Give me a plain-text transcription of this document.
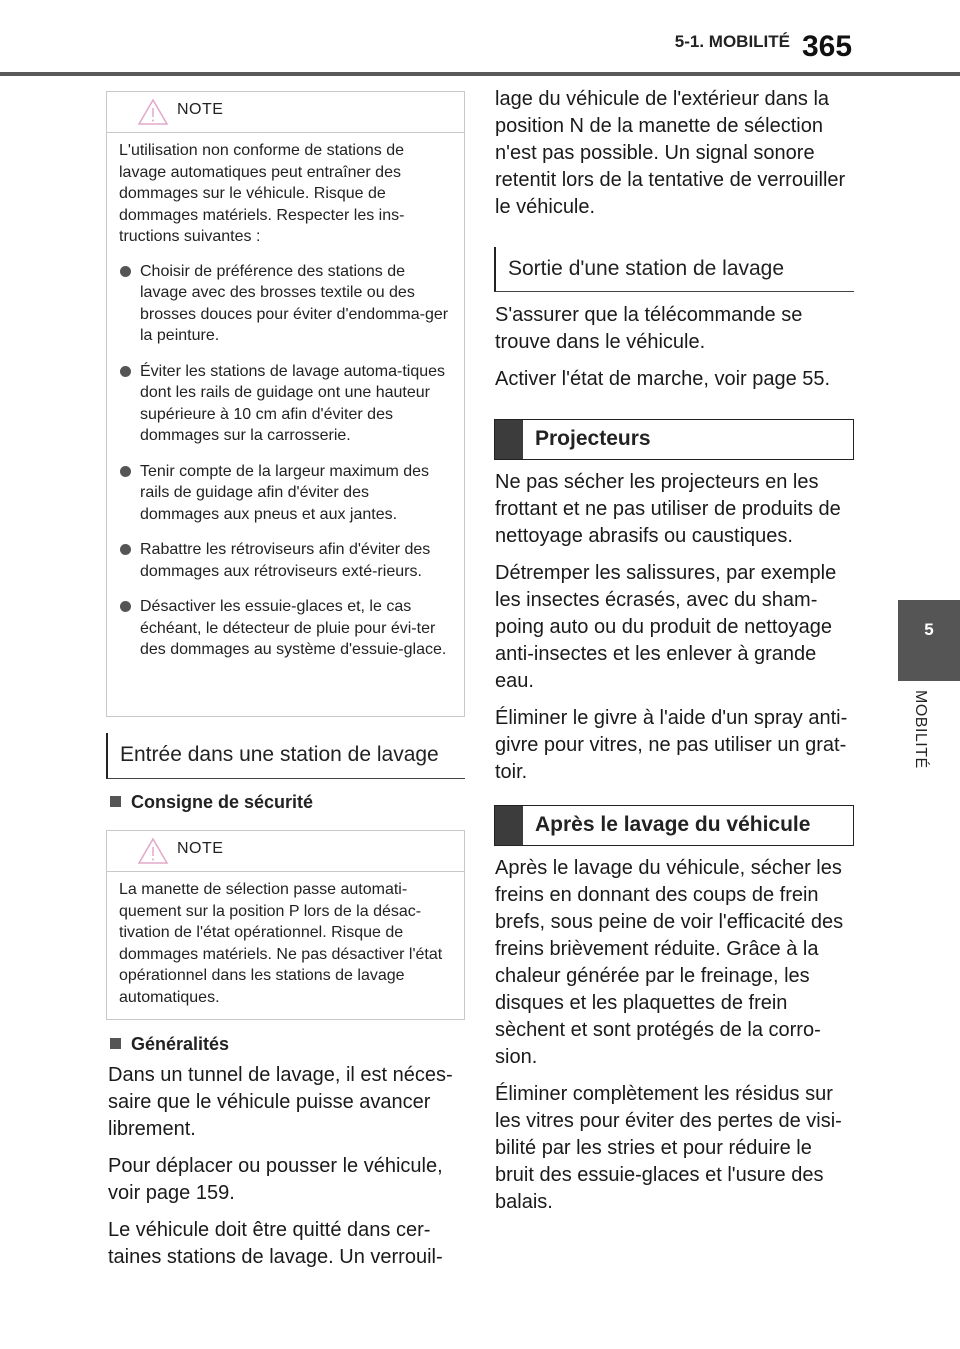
5-1. MOBILITÉ 365
5
MOBILITÉ
NOTE

L'utilisation non conforme de stations de lavage automatiques peut entraîner des dommages sur le véhicule. Risque de dommages matériels. Respecter les ins-tructions suivantes :

Choisir de préférence des stations de lavage avec des brosses textile ou des brosses douces pour éviter d'endomma-ger la peinture.
Éviter les stations de lavage automa-tiques dont les rails de guidage ont une hauteur supérieure à 10 cm afin d'éviter des dommages sur la carrosserie.
Tenir compte de la largeur maximum des rails de guidage afin d'éviter des dommages aux pneus et aux jantes.
Rabattre les rétroviseurs afin d'éviter des dommages aux rétroviseurs exté-rieurs.
Désactiver les essuie-glaces et, le cas échéant, le détecteur de pluie pour évi-ter des dommages au système d'essuie-glace.
Entrée dans une station de lavage
Consigne de sécurité
NOTE

La manette de sélection passe automati-quement sur la position P lors de la désac-tivation de l'état opérationnel. Risque de dommages matériels. Ne pas désactiver l'état opérationnel dans les stations de lavage automatiques.

Généralités

Dans un tunnel de lavage, il est néces-saire que le véhicule puisse avancer librement.

Pour déplacer ou pousser le véhicule, voir page 159.

Le véhicule doit être quitté dans cer-taines stations de lavage. Un verrouil-

lage du véhicule de l'extérieur dans la position N de la manette de sélection n'est pas possible. Un signal sonore retentit lors de la tentative de verrouiller le véhicule.

Sortie d'une station de lavage

S'assurer que la télécommande se trouve dans le véhicule.

Activer l'état de marche, voir page 55.

Projecteurs

Ne pas sécher les projecteurs en les frottant et ne pas utiliser de produits de nettoyage abrasifs ou caustiques.

Détremper les salissures, par exemple les insectes écrasés, avec du sham-poing auto ou du produit de nettoyage anti-insectes et les enlever à grande eau.

Éliminer le givre à l'aide d'un spray anti-givre pour vitres, ne pas utiliser un grat-toir.

Après le lavage du véhicule

Après le lavage du véhicule, sécher les freins en donnant des coups de frein brefs, sous peine de voir l'efficacité des freins brièvement réduite. Grâce à la chaleur générée par le freinage, les disques et les plaquettes de frein sèchent et sont protégés de la corro-sion.

Éliminer complètement les résidus sur les vitres pour éviter des pertes de visi-bilité par les stries et pour réduire le bruit des essuie-glaces et l'usure des balais.
